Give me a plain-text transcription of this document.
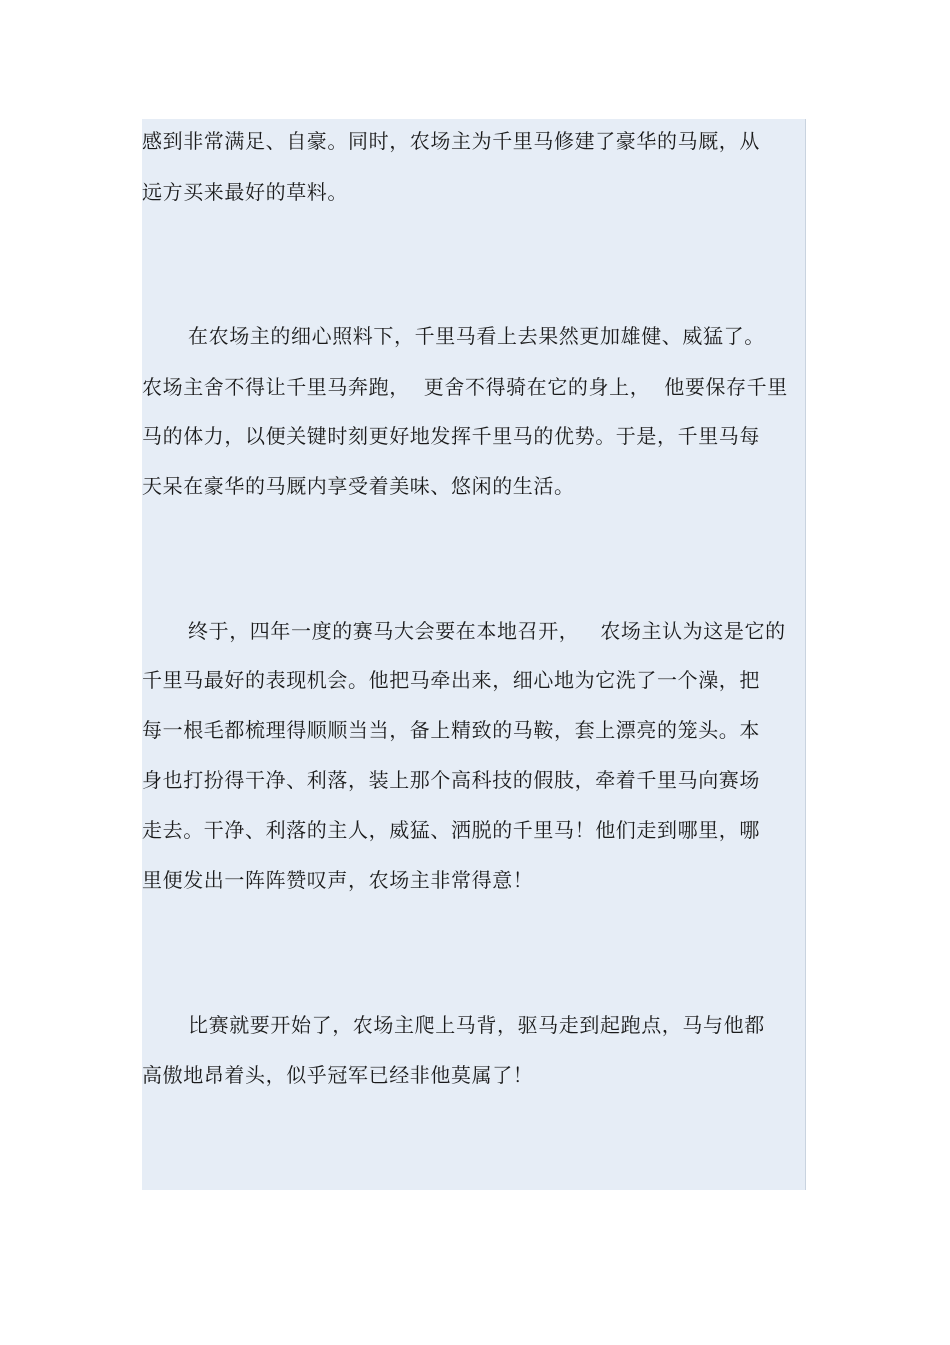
感到非常满足、自豪。同时，农场主为千里马修建了豪华的马厩，从
远方买来最好的草料。
在农场主的细心照料下，千里马看上去果然更加雄健、威猛了。
农场主舍不得让千里马奔跑，  更舍不得骑在它的身上，  他要保存千里
马的体力，以便关键时刻更好地发挥千里马的优势。于是，千里马每
天呆在豪华的马厩内享受着美味、悠闲的生活。
终于，四年一度的赛马大会要在本地召开，   农场主认为这是它的
千里马最好的表现机会。他把马牵出来，细心地为它洗了一个澡，把
每一根毛都梳理得顺顺当当，备上精致的马鞍，套上漂亮的笼头。本
身也打扮得干净、利落，装上那个高科技的假肢，牵着千里马向赛场
走去。干净、利落的主人，威猛、洒脱的千里马！他们走到哪里，哪
里便发出一阵阵赞叹声，农场主非常得意！
比赛就要开始了，农场主爬上马背，驱马走到起跑点，马与他都
高傲地昂着头，似乎冠军已经非他莫属了！
